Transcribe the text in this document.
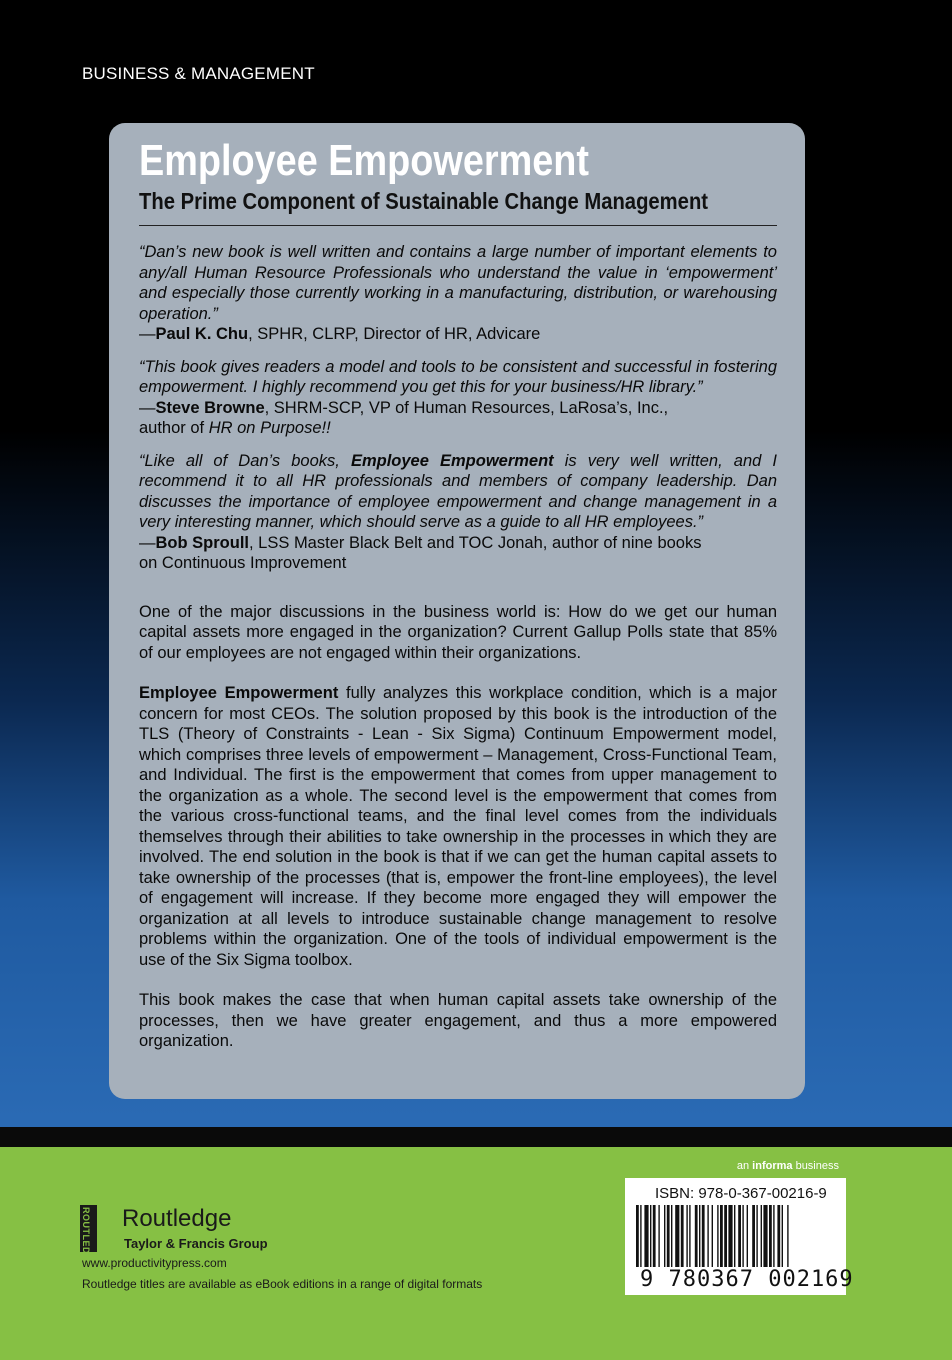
BUSINESS & MANAGEMENT
Employee Empowerment
The Prime Component of Sustainable Change Management

“Dan’s new book is well written and contains a large number of important elements to any/all Human Resource Professionals who understand the value in ‘empowerment’ and especially those currently working in a manufacturing, distribution, or warehousing operation.”

—Paul K. Chu, SPHR, CLRP, Director of HR, Advicare

“This book gives readers a model and tools to be consistent and successful in fostering empowerment. I highly recommend you get this for your business/HR library.”

—Steve Browne, SHRM-SCP, VP of Human Resources, LaRosa’s, Inc.,
author of HR on Purpose!!

“Like all of Dan’s books, Employee Empowerment is very well written, and I recommend it to all HR professionals and members of company leadership. Dan discusses the importance of employee empowerment and change management in a very interesting manner, which should serve as a guide to all HR employees.”

—Bob Sproull, LSS Master Black Belt and TOC Jonah, author of nine books
on Continuous Improvement

One of the major discussions in the business world is: How do we get our human capital assets more engaged in the organization? Current Gallup Polls state that 85% of our employees are not engaged within their organizations.

Employee Empowerment fully analyzes this workplace condition, which is a major concern for most CEOs. The solution proposed by this book is the introduction of the TLS (Theory of Constraints - Lean - Six Sigma) Continuum Empowerment model, which comprises three levels of empowerment – Management, Cross-Functional Team, and Individual. The first is the empowerment that comes from upper management to the organization as a whole. The second level is the empowerment that comes from the various cross-functional teams, and the final level comes from the individuals themselves through their abilities to take ownership in the processes in which they are involved. The end solution in the book is that if we can get the human capital assets to take ownership of the processes (that is, empower the front-line employees), the level of engagement will increase. If they become more engaged they will empower the organization at all levels to introduce sustainable change management to resolve problems within the organization. One of the tools of individual empowerment is the use of the Six Sigma toolbox.

This book makes the case that when human capital assets take ownership of the processes, then we have greater engagement, and thus a more empowered organization.

an informa business
ROUTLEDGE Routledge
Taylor & Francis Group
www.productivitypress.com
Routledge titles are available as eBook editions in a range of digital formats
ISBN: 978-0-367-00216-9
9 780367 002169
